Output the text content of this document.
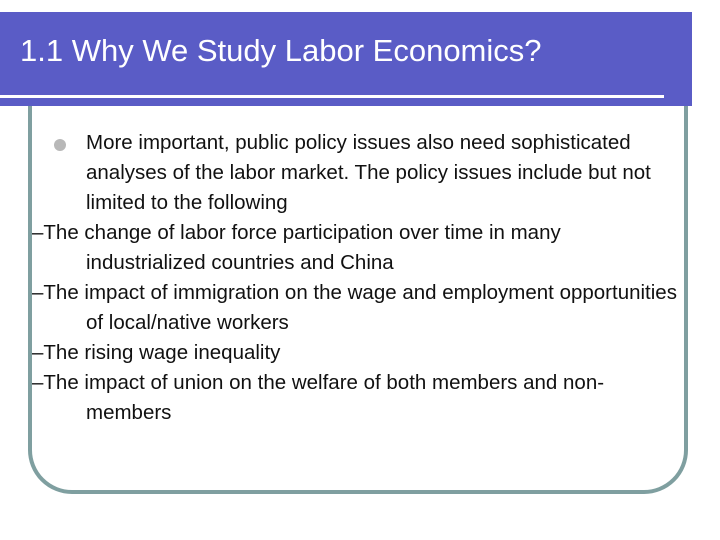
1.1 Why We Study Labor Economics?
More important, public policy issues also need sophisticated analyses of the labor market. The policy issues include but not limited to the following
–The change of labor force participation over time in many industrialized countries and China
–The impact of immigration on the wage and employment opportunities of local/native workers
–The rising wage inequality
–The impact of union on the welfare of both members and non-members
